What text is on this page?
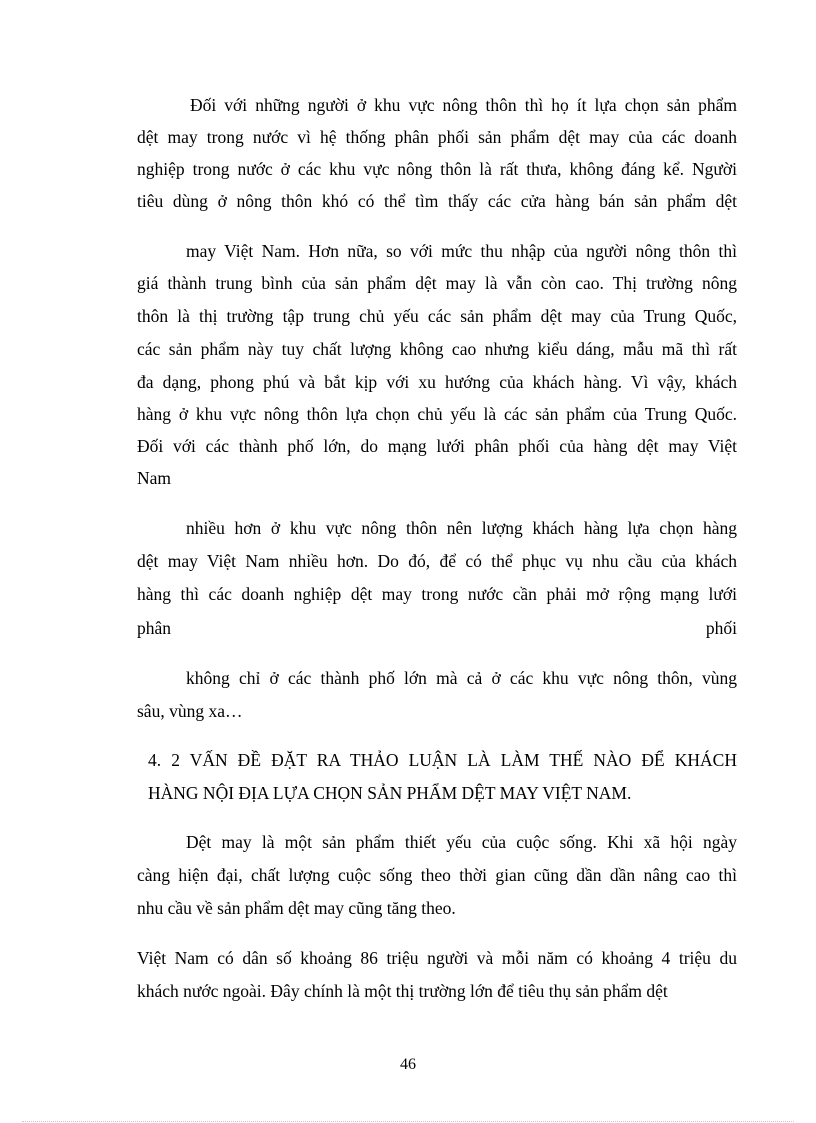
Đối với những người ở khu vực nông thôn thì họ ít lựa chọn sản phẩm
dệt may trong nước vì hệ thống phân phối sản phẩm dệt may của các doanh
nghiệp trong nước ở các khu vực nông thôn là rất thưa, không đáng kể. Người
tiêu dùng ở nông thôn khó có thể tìm thấy các cửa hàng bán sản phẩm dệt
may Việt Nam. Hơn nữa, so với mức thu nhập của người nông thôn thì
giá thành trung bình của sản phẩm dệt may là vẫn còn cao. Thị trường nông
thôn là thị trường tập trung chủ yếu các sản phẩm dệt may của Trung Quốc,
các sản phẩm này tuy chất lượng không cao nhưng kiểu dáng, mẫu mã thì rất
đa dạng, phong phú và bắt kịp với xu hướng của khách hàng. Vì vậy, khách
hàng ở khu vực nông thôn lựa chọn chủ yếu là các sản phẩm của Trung Quốc.
Đối với các thành phố lớn, do mạng lưới phân phối của hàng dệt may Việt
Nam
nhiều hơn ở khu vực nông thôn nên lượng khách hàng lựa chọn hàng
dệt may Việt Nam nhiều hơn. Do đó, để có thể phục vụ nhu cầu của khách
hàng thì các doanh nghiệp dệt may trong nước cần phải mở rộng mạng lưới
phân phối
không chỉ ở các thành phố lớn mà cả ở các khu vực nông thôn, vùng
sâu, vùng xa…
4. 2 VẤN ĐỀ ĐẶT RA THẢO LUẬN LÀ LÀM THẾ NÀO ĐỂ KHÁCH
HÀNG NỘI ĐỊA LỰA CHỌN SẢN PHẨM DỆT MAY VIỆT NAM.
Dệt may là một sản phẩm thiết yếu của cuộc sống. Khi xã hội ngày
càng hiện đại, chất lượng cuộc sống theo thời gian cũng dần dần nâng cao thì
nhu cầu về sản phẩm dệt may cũng tăng theo.
Việt Nam có dân số khoảng 86 triệu người và mỗi năm có khoảng 4 triệu du
khách nước ngoài. Đây chính là một thị trường lớn để tiêu thụ sản phẩm dệt
46
